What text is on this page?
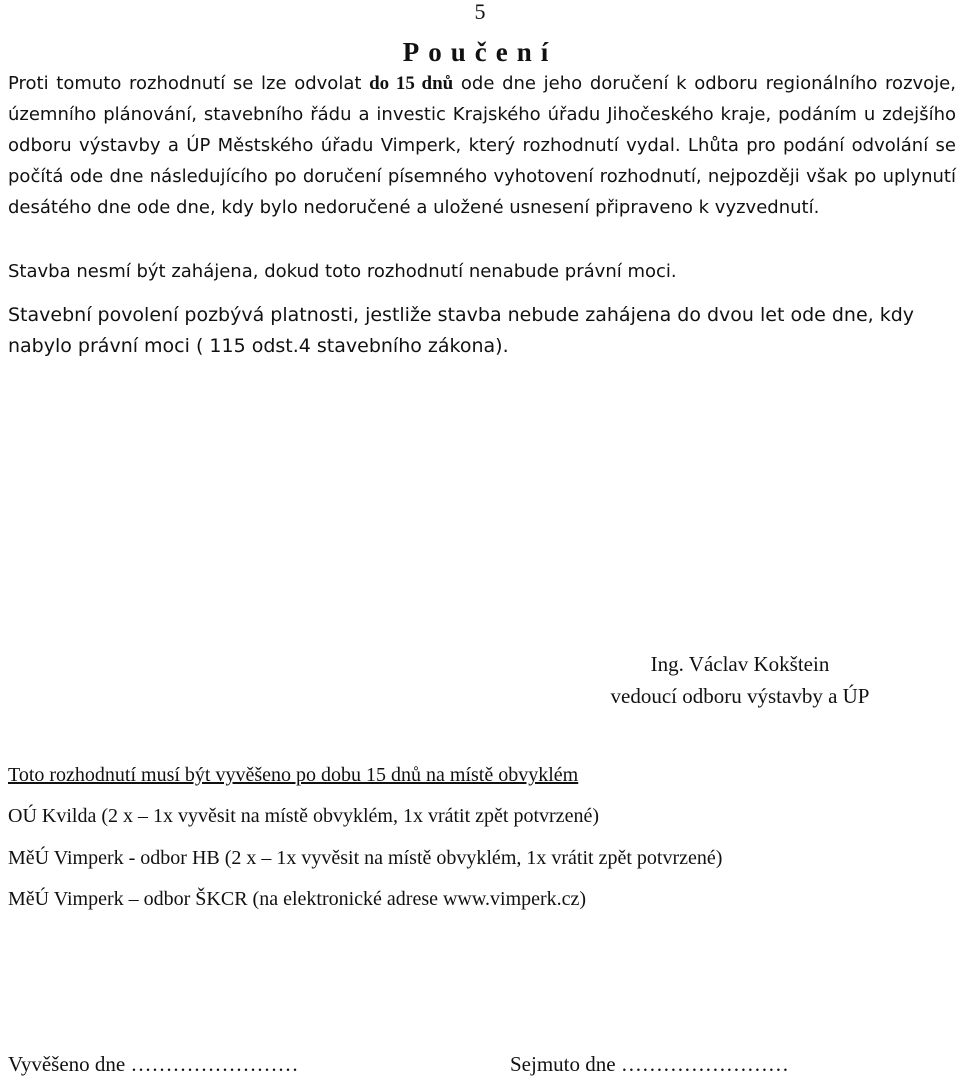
5
Poučení

Proti tomuto rozhodnutí se lze odvolat do 15 dnů ode dne jeho doručení k odboru regionálního rozvoje, územního plánování, stavebního řádu a investic Krajského úřadu Jihočeského kraje, podáním u zdejšího odboru výstavby a ÚP Městského úřadu Vimperk, který rozhodnutí vydal. Lhůta pro podání odvolání se počítá ode dne následujícího po doručení písemného vyhotovení rozhodnutí, nejpozději však po uplynutí desátého dne ode dne, kdy bylo nedoručené a uložené usnesení připraveno k vyzvednutí.

Stavba nesmí být zahájena, dokud toto rozhodnutí nenabude právní moci.

Stavební povolení pozbývá platnosti, jestliže stavba nebude zahájena do dvou let ode dne, kdy nabylo právní moci ( 115 odst.4 stavebního zákona).

Ing. Václav Kokštein
vedoucí odboru výstavby a ÚP

Toto rozhodnutí musí být vyvěšeno po dobu 15 dnů na místě obvyklém

OÚ Kvilda (2 x – 1x vyvěsit na místě obvyklém, 1x vrátit zpět potvrzené)

MěÚ Vimperk - odbor HB (2 x – 1x vyvěsit na místě obvyklém, 1x vrátit zpět potvrzené)

MěÚ Vimperk – odbor ŠKCR (na elektronické adrese www.vimperk.cz)

Vyvěšeno dne ……………………	Sejmuto dne ……………………
